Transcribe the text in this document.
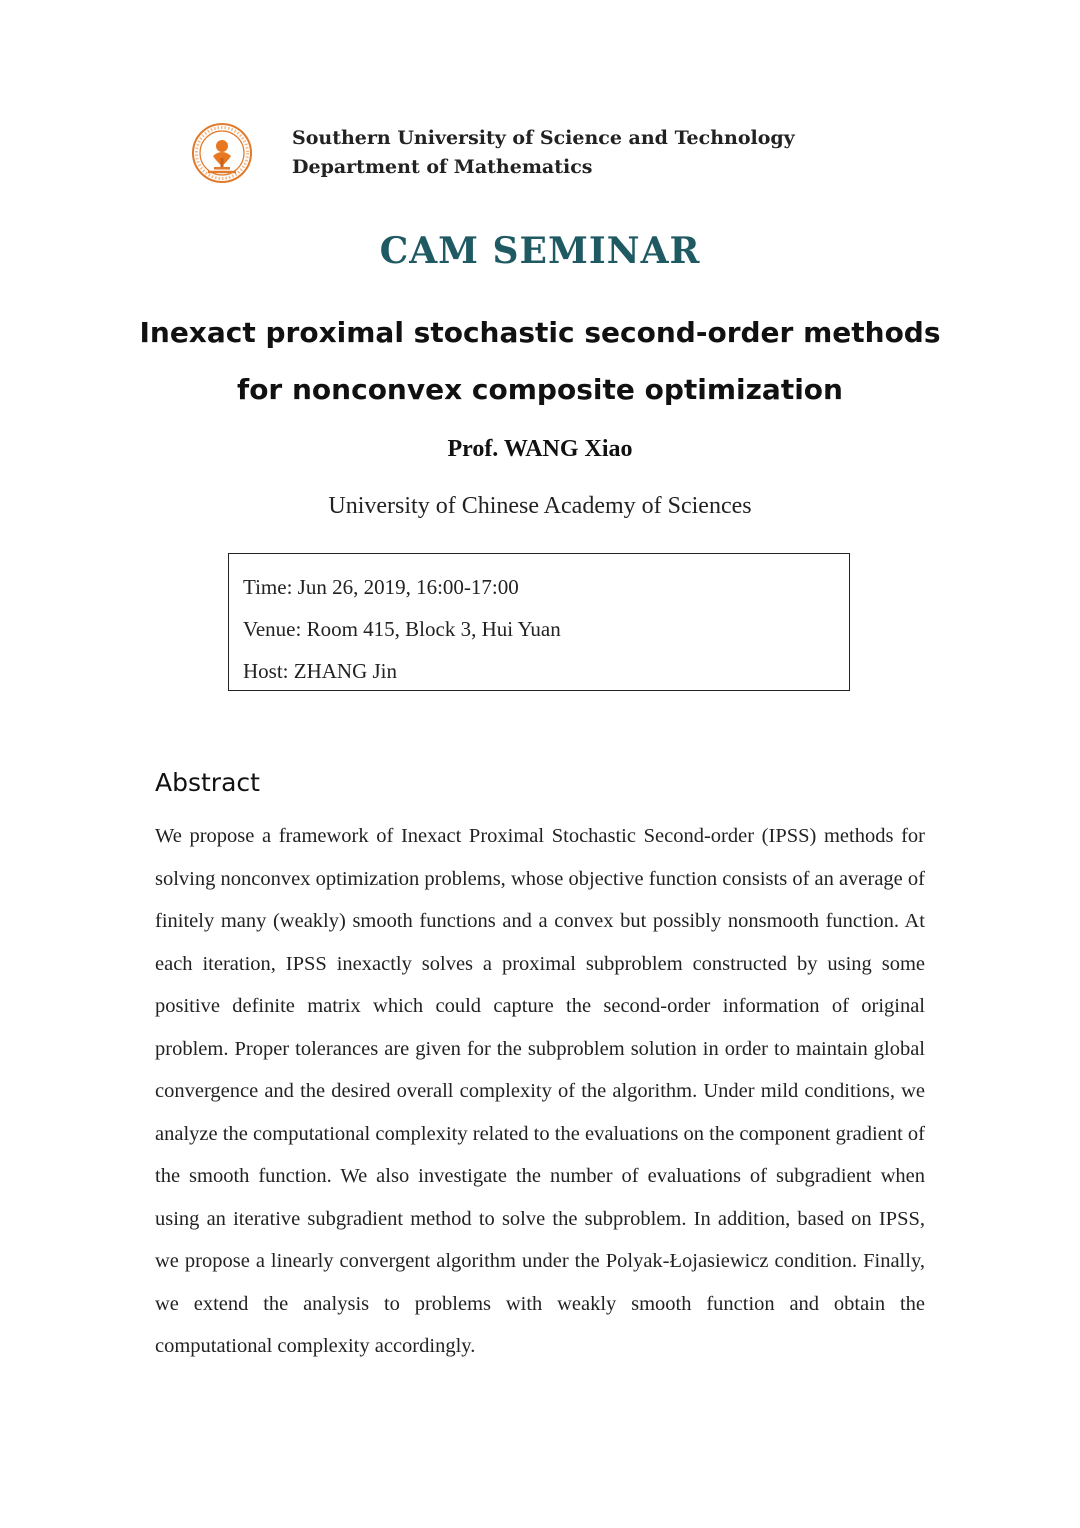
Southern University of Science and Technology
Department of Mathematics
CAM SEMINAR
Inexact proximal stochastic second-order methods
for nonconvex composite optimization
Prof. WANG Xiao
University of Chinese Academy of Sciences
Time: Jun 26, 2019, 16:00-17:00
Venue: Room 415, Block 3, Hui Yuan
Host: ZHANG Jin
Abstract
We propose a framework of Inexact Proximal Stochastic Second-order (IPSS) methods for solving nonconvex optimization problems, whose objective function consists of an average of finitely many (weakly) smooth functions and a convex but possibly nonsmooth function. At each iteration, IPSS inexactly solves a proximal subproblem constructed by using some positive definite matrix which could capture the second-order information of original problem. Proper tolerances are given for the subproblem solution in order to maintain global convergence and the desired overall complexity of the algorithm. Under mild conditions, we analyze the computational complexity related to the evaluations on the component gradient of the smooth function. We also investigate the number of evaluations of subgradient when using an iterative subgradient method to solve the subproblem. In addition, based on IPSS, we propose a linearly convergent algorithm under the Polyak-Łojasiewicz condition. Finally, we extend the analysis to problems with weakly smooth function and obtain the computational complexity accordingly.
